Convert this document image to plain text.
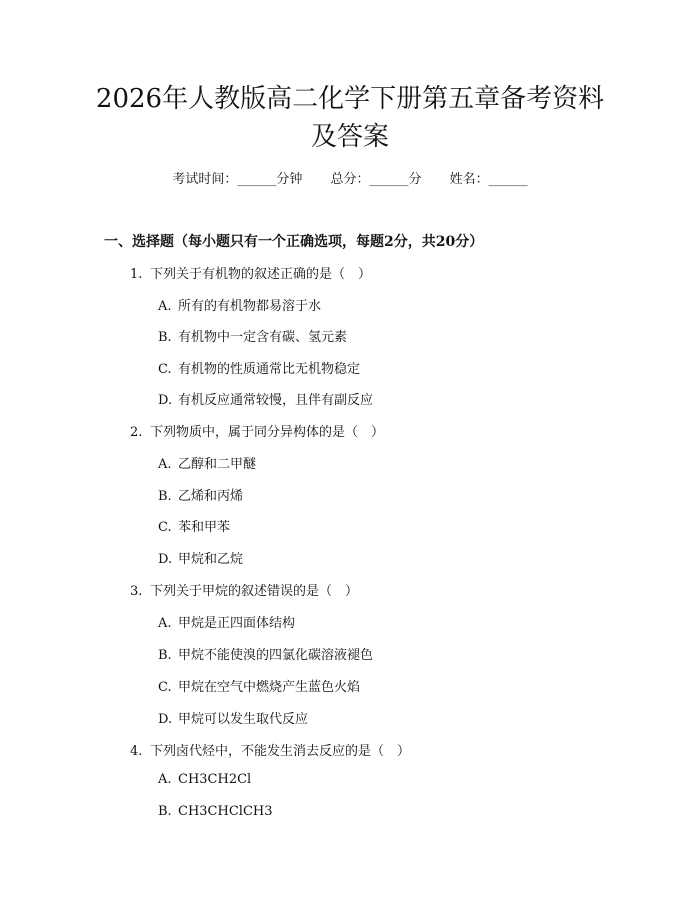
2026年人教版高二化学下册第五章备考资料
及答案
考试时间：______分钟 总分：______分 姓名：______
一、选择题（每小题只有一个正确选项，每题2分，共20分）
1. 下列关于有机物的叙述正确的是（　）
A. 所有的有机物都易溶于水
B. 有机物中一定含有碳、氢元素
C. 有机物的性质通常比无机物稳定
D. 有机反应通常较慢，且伴有副反应
2. 下列物质中，属于同分异构体的是（　）
A. 乙醇和二甲醚
B. 乙烯和丙烯
C. 苯和甲苯
D. 甲烷和乙烷
3. 下列关于甲烷的叙述错误的是（　）
A. 甲烷是正四面体结构
B. 甲烷不能使溴的四氯化碳溶液褪色
C. 甲烷在空气中燃烧产生蓝色火焰
D. 甲烷可以发生取代反应
4. 下列卤代烃中，不能发生消去反应的是（　）
A. CH3CH2Cl
B. CH3CHClCH3
